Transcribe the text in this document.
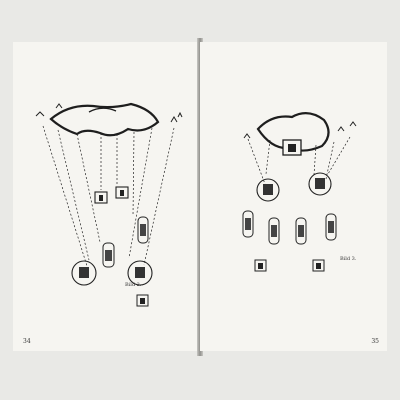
Bild 2.
34
Bild 3.
35
